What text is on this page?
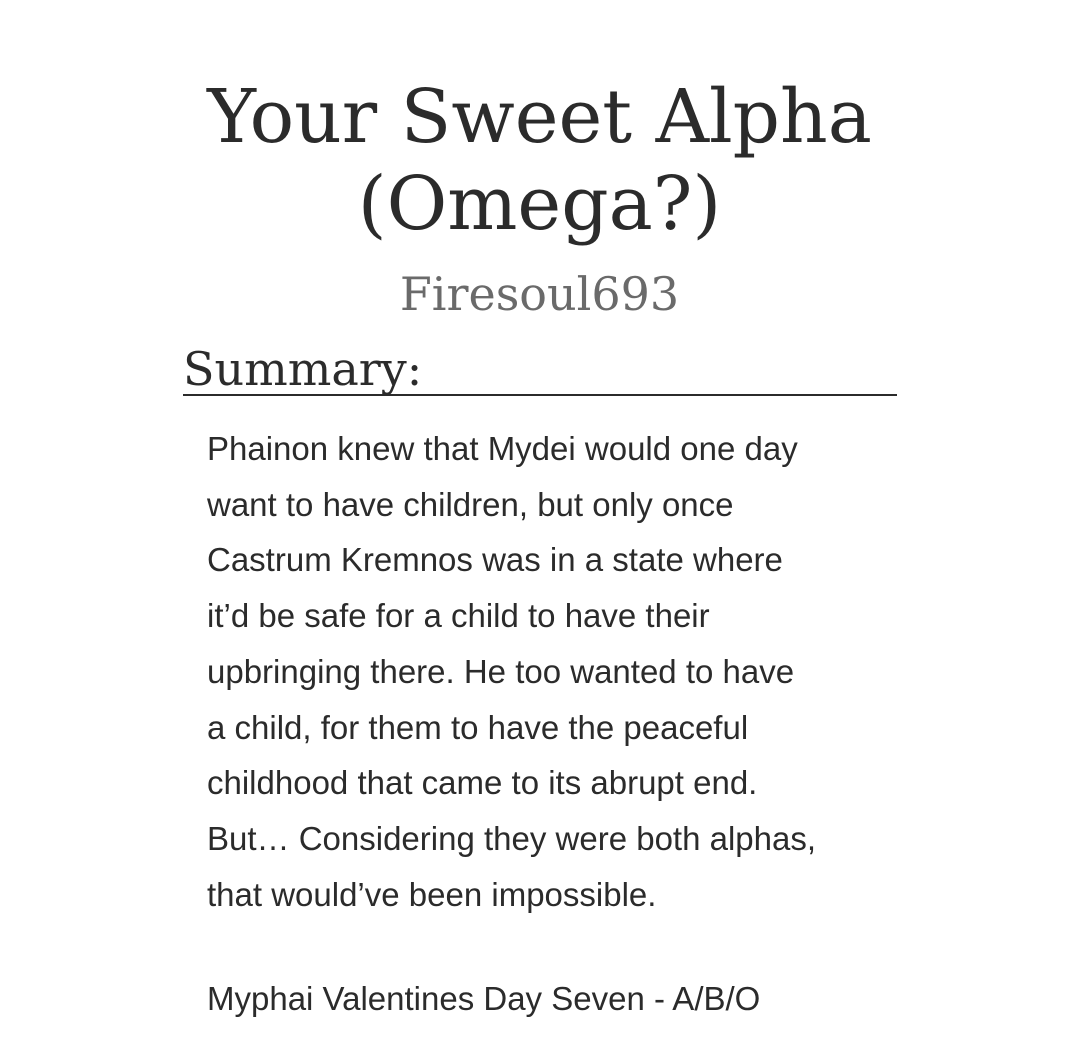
Your Sweet Alpha
(Omega?)
Firesoul693
Summary:
Phainon knew that Mydei would one day
want to have children, but only once
Castrum Kremnos was in a state where
it’d be safe for a child to have their
upbringing there. He too wanted to have
a child, for them to have the peaceful
childhood that came to its abrupt end.
But… Considering they were both alphas,
that would’ve been impossible.
Myphai Valentines Day Seven - A/B/O
